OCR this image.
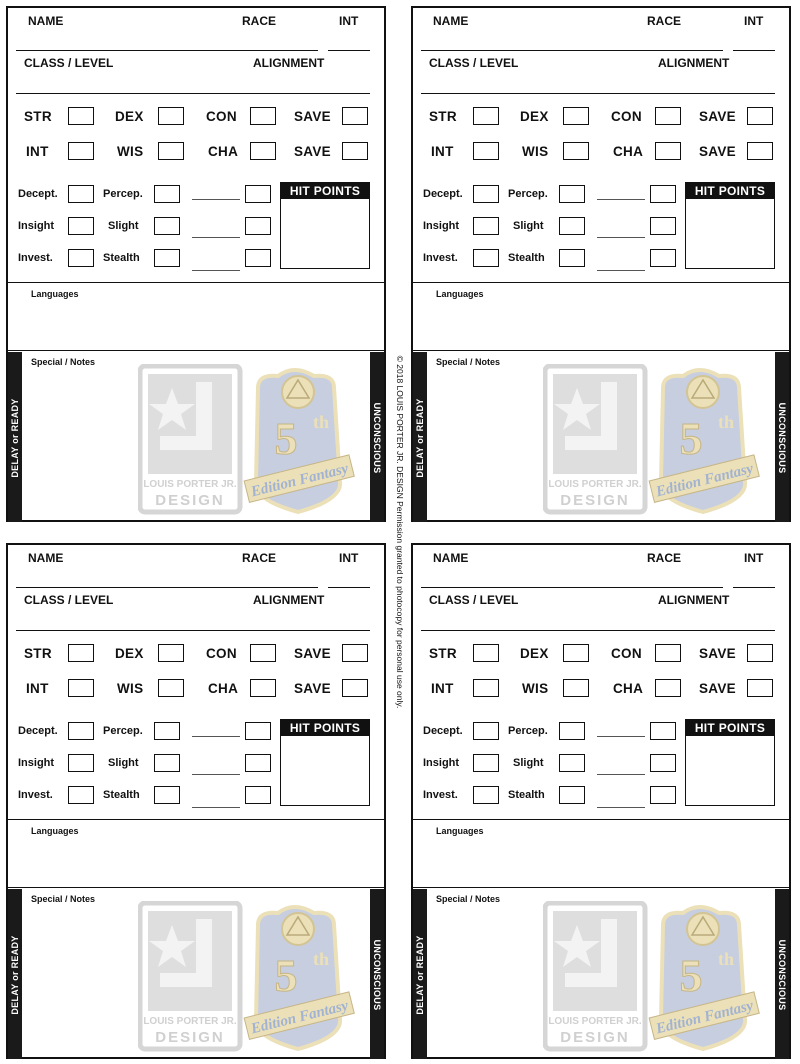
NAME	RACE	INT
CLASS / LEVEL	ALIGNMENT
STR	DEX	CON	SAVE
INT	WIS	CHA	SAVE
Decept.	Percep.
Insight	Slight
Invest.	Stealth
HIT POINTS
Languages
Special / Notes
DELAY or READY	UNCONSCIOUS
LOUIS PORTER JR.
DESIGN
5 th
Edition Fantasy
NAME	RACE	INT
CLASS / LEVEL	ALIGNMENT
STR	DEX	CON	SAVE
INT	WIS	CHA	SAVE
Decept.	Percep.
Insight	Slight
Invest.	Stealth
HIT POINTS
Languages
Special / Notes
DELAY or READY	UNCONSCIOUS
LOUIS PORTER JR.
DESIGN
5 th
Edition Fantasy
NAME	RACE	INT
CLASS / LEVEL	ALIGNMENT
STR	DEX	CON	SAVE
INT	WIS	CHA	SAVE
Decept.	Percep.
Insight	Slight
Invest.	Stealth
HIT POINTS
Languages
Special / Notes
DELAY or READY	UNCONSCIOUS
LOUIS PORTER JR.
DESIGN
5 th
Edition Fantasy
NAME	RACE	INT
CLASS / LEVEL	ALIGNMENT
STR	DEX	CON	SAVE
INT	WIS	CHA	SAVE
Decept.	Percep.
Insight	Slight
Invest.	Stealth
HIT POINTS
Languages
Special / Notes
DELAY or READY	UNCONSCIOUS
LOUIS PORTER JR.
DESIGN
5 th
Edition Fantasy
© 2018 LOUIS PORTER JR. DESIGN Permission granted to photocopy for personal use only.
